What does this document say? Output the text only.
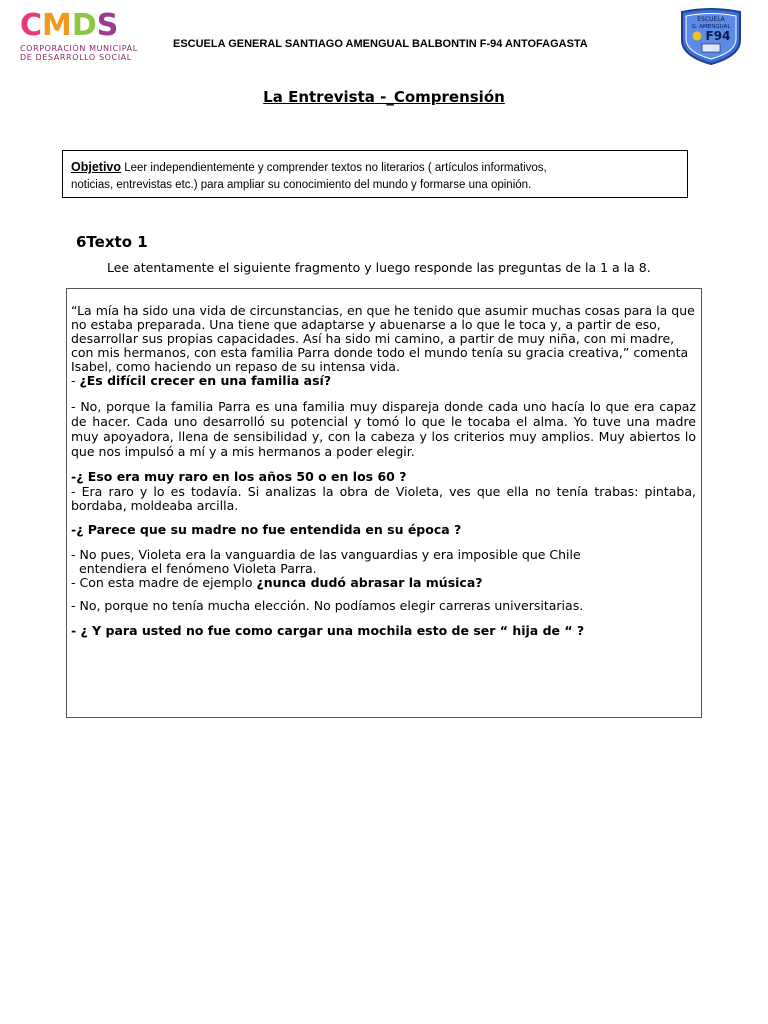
C M D S
CORPORACIÓN MUNICIPAL
DE DESARROLLO SOCIAL
ESCUELA GENERAL SANTIAGO AMENGUAL BALBONTIN F-94 ANTOFAGASTA
ESCUELA
G. AMENGUAL
F94
La Entrevista -_Comprensión
Objetivo Leer independientemente y comprender textos no literarios ( artículos informativos,
noticias, entrevistas etc.) para ampliar su conocimiento del mundo y formarse una opinión.
6Texto 1
Lee atentamente el siguiente fragmento y luego responde las preguntas de la 1 a la 8.

“La mía ha sido una vida de circunstancias, en que he tenido que asumir muchas cosas para la que no estaba preparada. Una tiene que adaptarse y abuenarse a lo que le toca y, a partir de eso, desarrollar sus propias capacidades. Así ha sido mi camino, a partir de muy niña, con mi madre, con mis hermanos, con esta familia Parra donde todo el mundo tenía su gracia creativa,” comenta Isabel, como haciendo un repaso de su intensa vida.

- ¿Es difícil crecer en una familia así?

- No, porque la familia Parra es una familia muy dispareja donde cada uno hacía lo que era capaz de hacer. Cada uno desarrolló su potencial y tomó lo que le tocaba el alma. Yo tuve una madre muy apoyadora, llena de sensibilidad y, con la cabeza y los criterios muy amplios. Muy abiertos lo que nos impulsó a mí y a mis hermanos a poder elegir.

-¿ Eso era muy raro en los años 50 o en los 60 ?

- Era raro y lo es todavía. Si analizas la obra de Violeta, ves que ella no tenía trabas: pintaba, bordaba, moldeaba arcilla.

-¿ Parece que su madre no fue entendida en su época ?

- No pues, Violeta era la vanguardia de las vanguardias y era imposible que Chile

entendiera el fenómeno Violeta Parra.

- Con esta madre de ejemplo ¿nunca dudó abrasar la música?

- No, porque no tenía mucha elección. No podíamos elegir carreras universitarias.

- ¿ Y para usted no fue como cargar una mochila esto de ser “ hija de “ ?
